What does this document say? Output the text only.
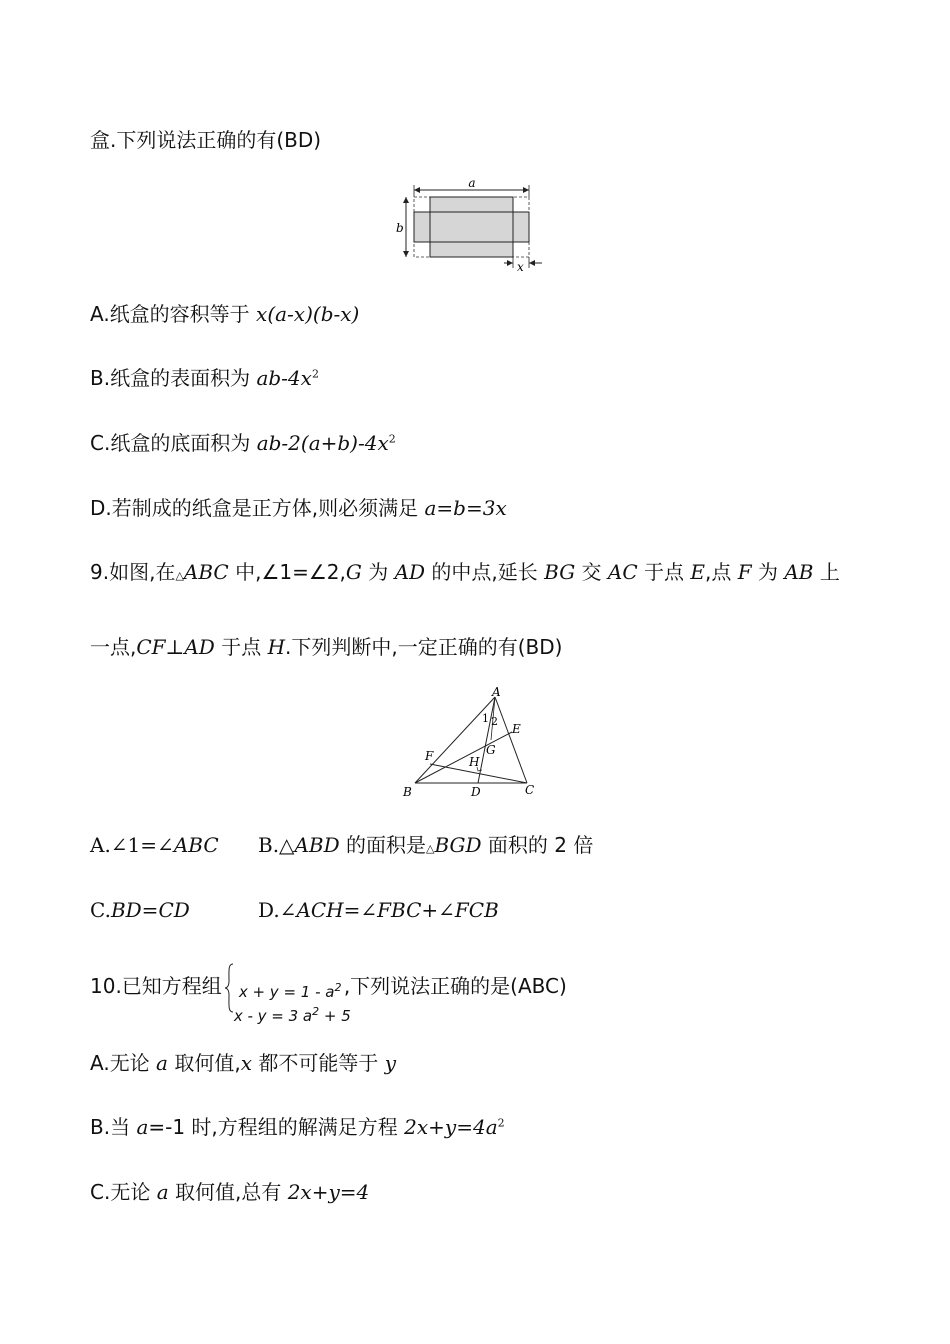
盒.下列说法正确的有(BD)
a
b
x
A.纸盒的容积等于 x(a-x)(b-x)
B.纸盒的表面积为 $ab-4x^2$
C.纸盒的底面积为 $ab-2(a+b)-4x^2$
D.若制成的纸盒是正方体,则必须满足 a=b=3x
9.如图,在△ABC 中,∠1=∠2,G 为 AD 的中点,延长 BG 交 AC 于点 E,点 F 为 AB 上
一点,CF⊥AD 于点 H.下列判断中,一定正确的有(BD)
A
B	C
D
E
F	G
H
1 2
A.∠1=∠ABC B.△ABD 的面积是△BGD 面积的 2 倍
C.BD=CD	D.∠ACH=∠FBC+∠FCB
10.已知方程组 $x + y = 1 - a^2$
x - y = 3 $a^2 + 5$
,下列说法正确的是(ABC)
A.无论 a 取何值,x 都不可能等于 y
B.当 a=-1 时,方程组的解满足方程 $2x+y=4a^2$
C.无论 a 取何值,总有 2x+y=4
